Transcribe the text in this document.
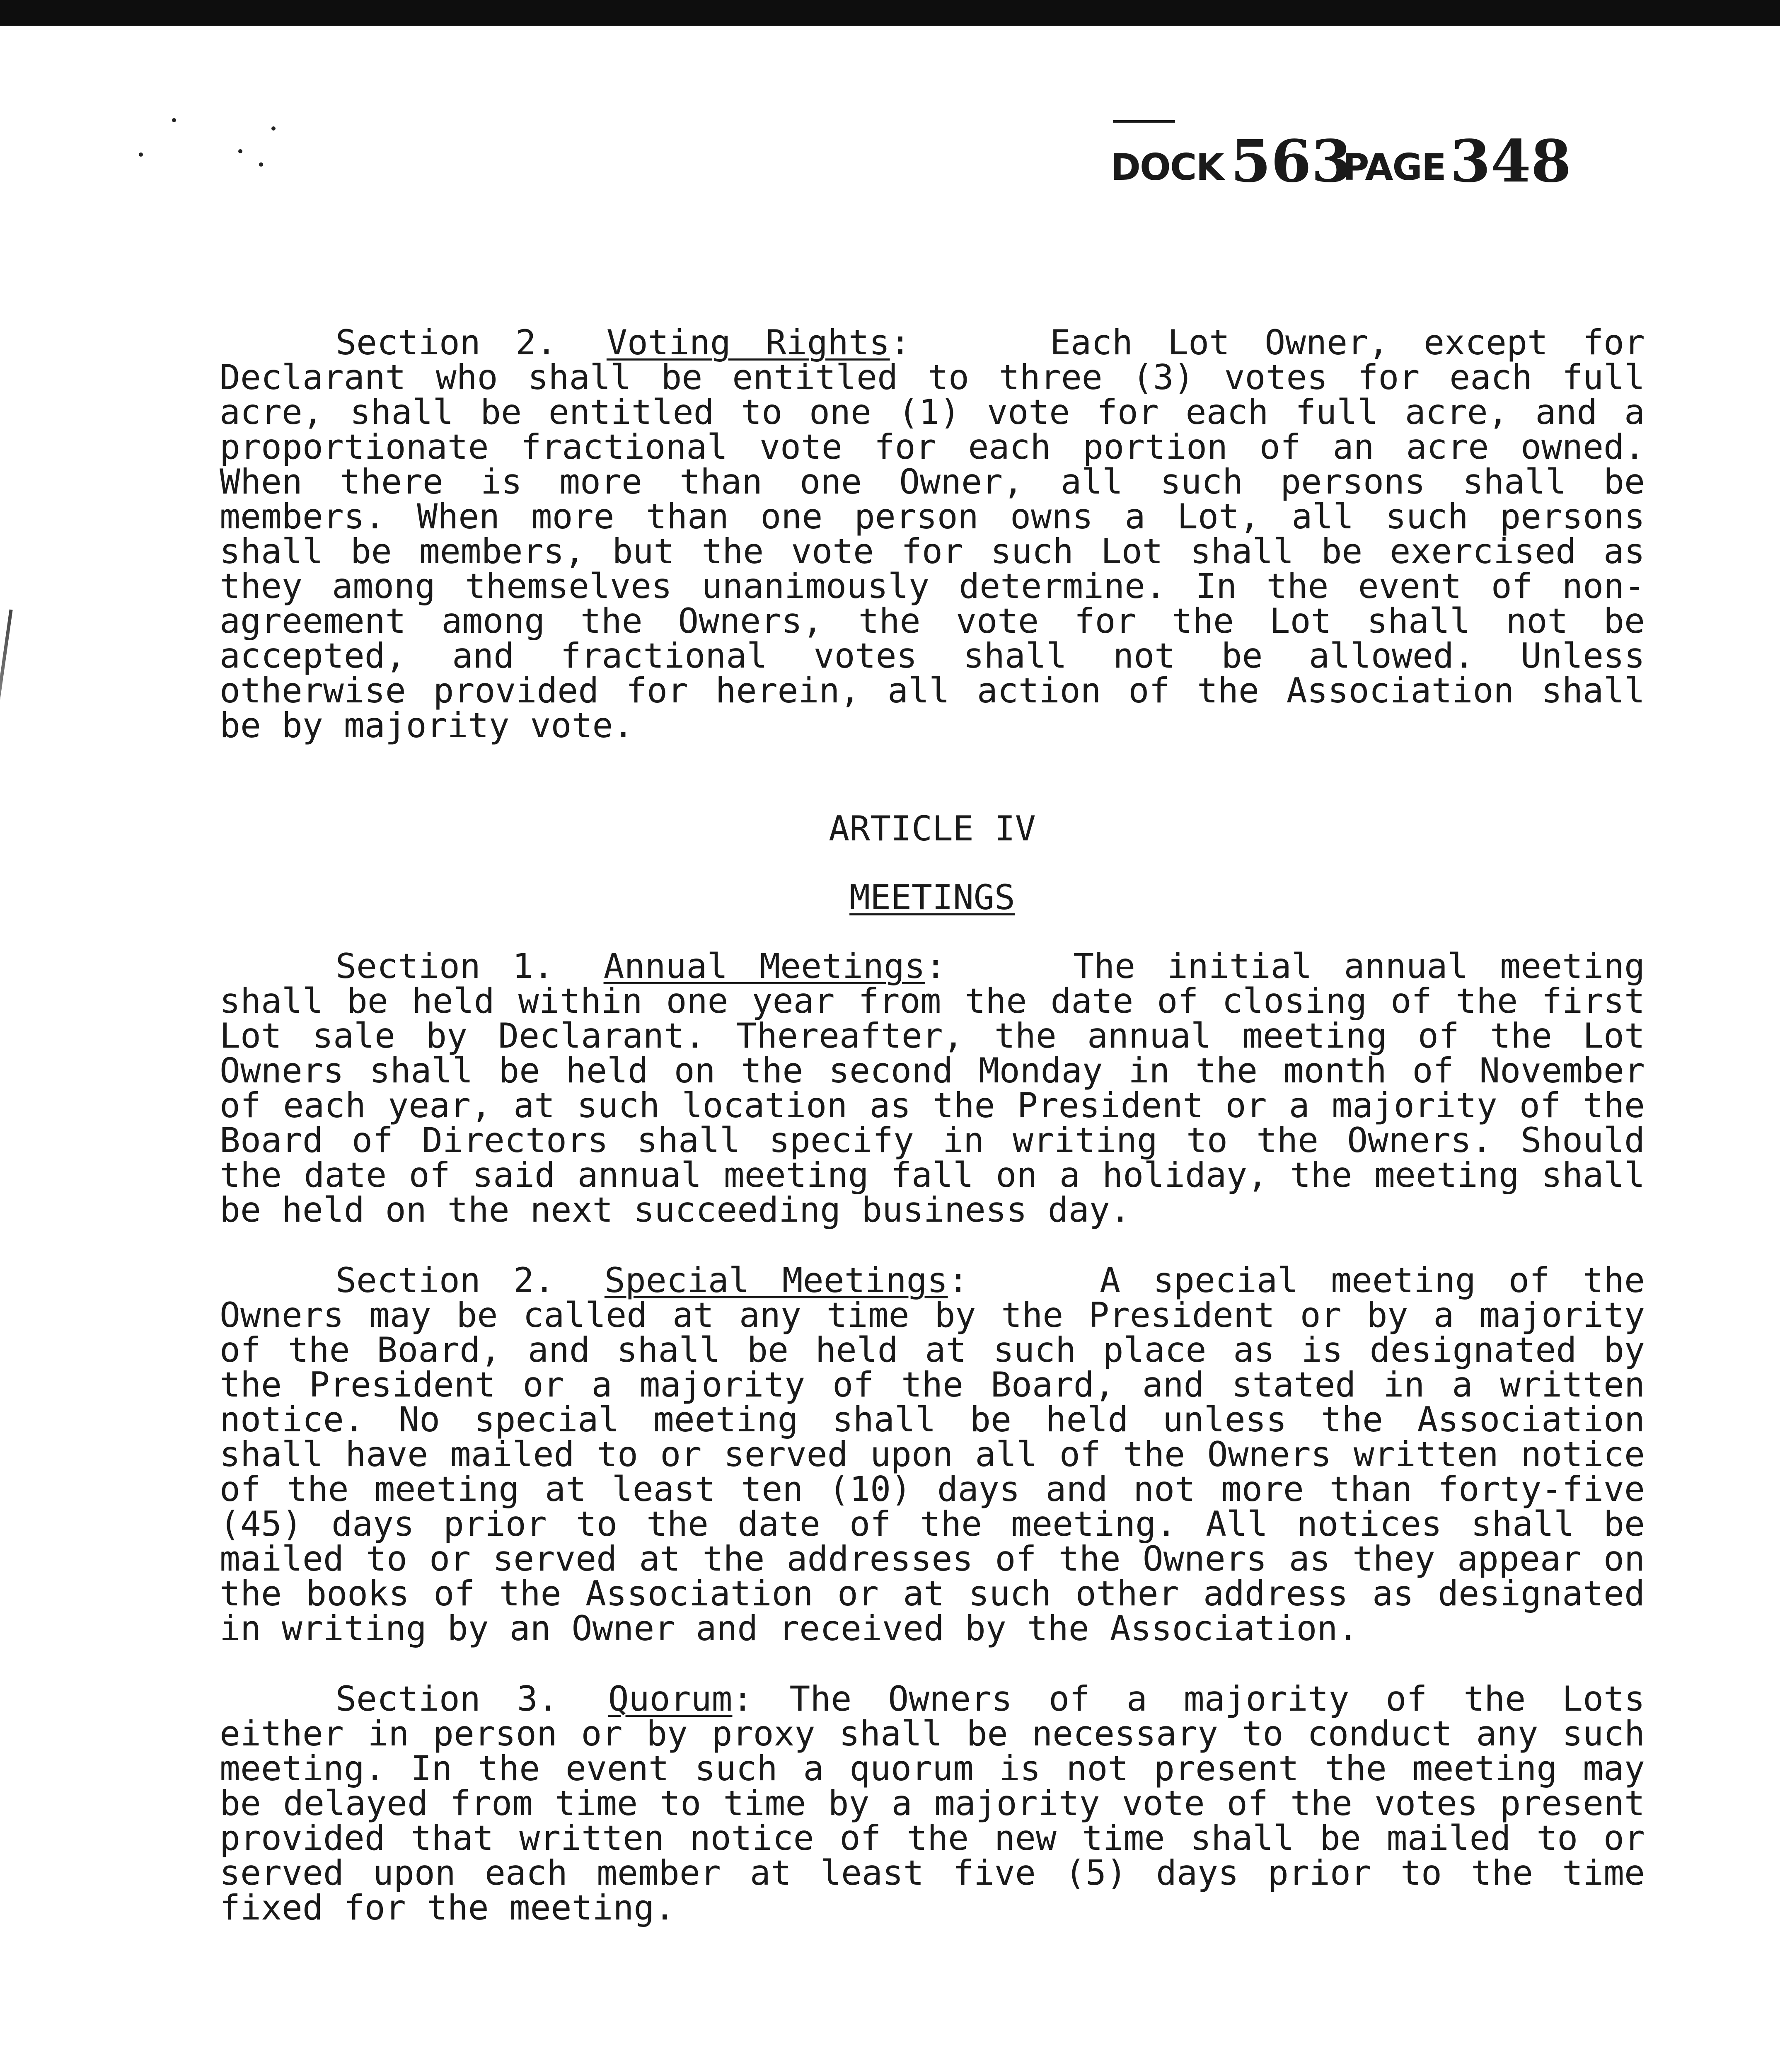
DOCK 563
PAGE 348

Section 2. Voting Rights:    Each Lot Owner, except for Declarant who shall be entitled to three (3) votes for each full acre, shall be entitled to one (1) vote for each full acre, and a proportionate fractional vote for each portion of an acre owned. When there is more than one Owner, all such persons shall be members. When more than one person owns a Lot, all such persons shall be members, but the vote for such Lot shall be exercised as they among themselves unanimously determine. In the event of non-agreement among the Owners, the vote for the Lot shall not be accepted, and fractional votes shall not be allowed. Unless otherwise provided for herein, all action of the Association shall be by majority vote.

ARTICLE IV

MEETINGS

Section 1. Annual Meetings:    The initial annual meeting shall be held within one year from the date of closing of the first Lot sale by Declarant. Thereafter, the annual meeting of the Lot Owners shall be held on the second Monday in the month of November of each year, at such location as the President or a majority of the Board of Directors shall specify in writing to the Owners. Should the date of said annual meeting fall on a holiday, the meeting shall be held on the next succeeding business day.

Section 2. Special Meetings:    A special meeting of the Owners may be called at any time by the President or by a majority of the Board, and shall be held at such place as is designated by the President or a majority of the Board, and stated in a written notice. No special meeting shall be held unless the Association shall have mailed to or served upon all of the Owners written notice of the meeting at least ten (10) days and not more than forty-five (45) days prior to the date of the meeting. All notices shall be mailed to or served at the addresses of the Owners as they appear on the books of the Association or at such other address as designated in writing by an Owner and received by the Association.

Section 3. Quorum: The Owners of a majority of the Lots either in person or by proxy shall be necessary to conduct any such meeting. In the event such a quorum is not present the meeting may be delayed from time to time by a majority vote of the votes present provided that written notice of the new time shall be mailed to or served upon each member at least five (5) days prior to the time fixed for the meeting.
